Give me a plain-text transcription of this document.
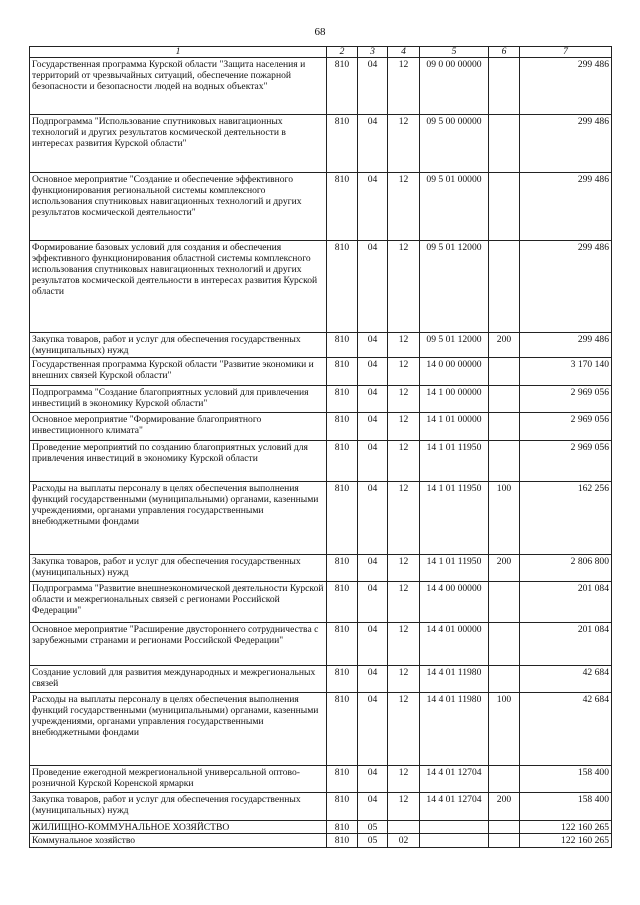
68
1	2	3	4	5	6	7
Государственная программа Курской области "Защита населения и территорий от чрезвычайных ситуаций, обеспечение пожарной безопасности и безопасности людей на водных объектах"	810	04	12	09 0 00 00000		299 486
Подпрограмма "Использование спутниковых навигационных технологий и других результатов космической деятельности в интересах развития Курской области"	810	04	12	09 5 00 00000		299 486
Основное мероприятие "Создание и обеспечение эффективного функционирования региональной системы комплексного использования спутниковых навигационных технологий и других результатов космической деятельности"	810	04	12	09 5 01 00000		299 486
Формирование базовых условий для создания и обеспечения эффективного функционирования областной системы комплексного использования спутниковых навигационных технологий и других результатов космической деятельности в интересах развития Курской области	810	04	12	09 5 01 12000		299 486
Закупка товаров, работ и услуг для обеспечения государственных (муниципальных) нужд	810	04	12	09 5 01 12000	200	299 486
Государственная программа Курской области "Развитие экономики и внешних связей Курской области"	810	04	12	14 0 00 00000		3 170 140
Подпрограмма "Создание благоприятных условий для привлечения инвестиций в экономику Курской области"	810	04	12	14 1 00 00000		2 969 056
Основное мероприятие "Формирование благоприятного инвестиционного климата"	810	04	12	14 1 01 00000		2 969 056
Проведение мероприятий по созданию благоприятных условий для привлечения инвестиций в экономику Курской области	810	04	12	14 1 01 11950		2 969 056
Расходы на выплаты персоналу в целях обеспечения выполнения функций государственными (муниципальными) органами, казенными учреждениями, органами управления государственными внебюджетными фондами	810	04	12	14 1 01 11950	100	162 256
Закупка товаров, работ и услуг для обеспечения государственных (муниципальных) нужд	810	04	12	14 1 01 11950	200	2 806 800
Подпрограмма "Развитие внешнеэкономической деятельности Курской области и межрегиональных связей с регионами Российской Федерации"	810	04	12	14 4 00 00000		201 084
Основное мероприятие "Расширение двустороннего сотрудничества с зарубежными странами и регионами Российской Федерации"	810	04	12	14 4 01 00000		201 084
Создание условий для развития международных и межрегиональных связей	810	04	12	14 4 01 11980		42 684
Расходы на выплаты персоналу в целях обеспечения выполнения функций государственными (муниципальными) органами, казенными учреждениями, органами управления государственными внебюджетными фондами	810	04	12	14 4 01 11980	100	42 684
Проведение ежегодной межрегиональной универсальной оптово-розничной Курской Коренской ярмарки	810	04	12	14 4 01 12704		158 400
Закупка товаров, работ и услуг для обеспечения государственных (муниципальных) нужд	810	04	12	14 4 01 12704	200	158 400
ЖИЛИЩНО-КОММУНАЛЬНОЕ ХОЗЯЙСТВО	810	05				122 160 265
Коммунальное хозяйство	810	05	02			122 160 265
